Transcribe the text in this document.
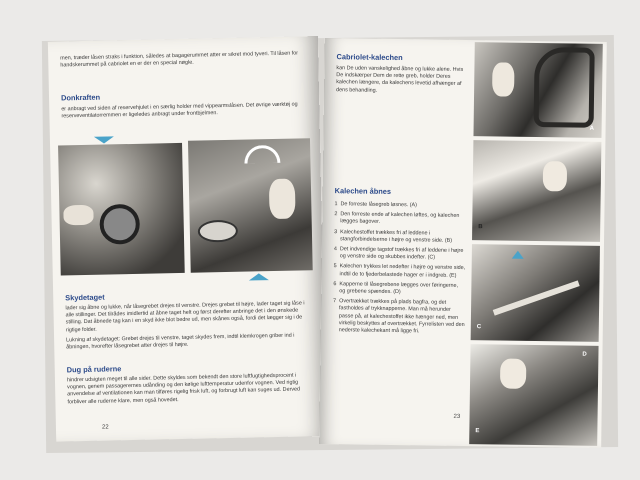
men, træder låsen straks i funktion, således at bagagerummet atter er sikret mod tyveri. Til låsen for handskerummet på cabriolet en er der en special nøgle.

Donkraften

er anbragt ved siden af reservehjulet i en særlig holder med vippearmslåsen. Det øvrige værktøj og reserveventilatorremmen er ligeledes anbragt under frontbjelmen.

Skydetaget

lader sig åbne og lukke, når låsegrebet drejes til venstre. Drejes grebet til højre, lader taget sig låse i alle stillinger. Det tilrådes imidlertid at åbne taget helt og først derefter anbringe det i den ønskede stilling. Dat åbnede tag kan i en skyd ikke blot bedre ud, men skånes også, fordi det lægger sig i de rigtige folder.

Lukning af skydetaget: Grebet drejes til venstre, taget skydes frem, indtil klemkrogen griber ind i åbningen, hvorefter låsegrebet atter drejes til højre.

Dug på ruderne

hindrer udsigten meget til alle sider. Dette skyldes som bekendt den store luftfugtighedsprocent i vognen, genem passagerernes udånding og den kølige lufttemperatur udenfor vognen. Ved rigtig anvendelse af ventilationen kan man tilføres rigelig frisk luft, og forbrugt luft kan suges ud. Derved forbliver alle ruderne klare, men også hovedet.

22
Cabriolet-kalechen

kan De uden vanskelighed åbne og lukke alene. Hvis De indskærper Dem de rette greb, holder Deres kalechen længere, da kalechens levetid afhænger af dens behandling.

Kalechen åbnes
1 De forreste låsegreb løsnes. (A)
2 Den forreste ende af kalechen løftes, og kalechen lægges bagover.
3 Kalechestoffet trækkes fri af leddene i stangforbindelserne i højre og venstre side. (B)
4 Det indvendige tagstof trækkes fri af leddene i højre og venstre side og skubbes indefter. (C)
5 Kalechen trykkes let nedefter i højre og venstre side, indtil de to fjederbelastede hager er i indgreb. (E)
6 Kapperne til låsegrebene lægges over føringerne, og grebene spændes. (D)
7 Overtrækket trækkes på plads bagfra, og det fastholdes af trykknapperne. Man må herunder passe på, at kalechestoffet ikke hænger ned, men virkelig beskyttes af overtrækket. Fyrrelisten ved den nederste kalechekant må ligge fri.
23
A
B
C
D
E
